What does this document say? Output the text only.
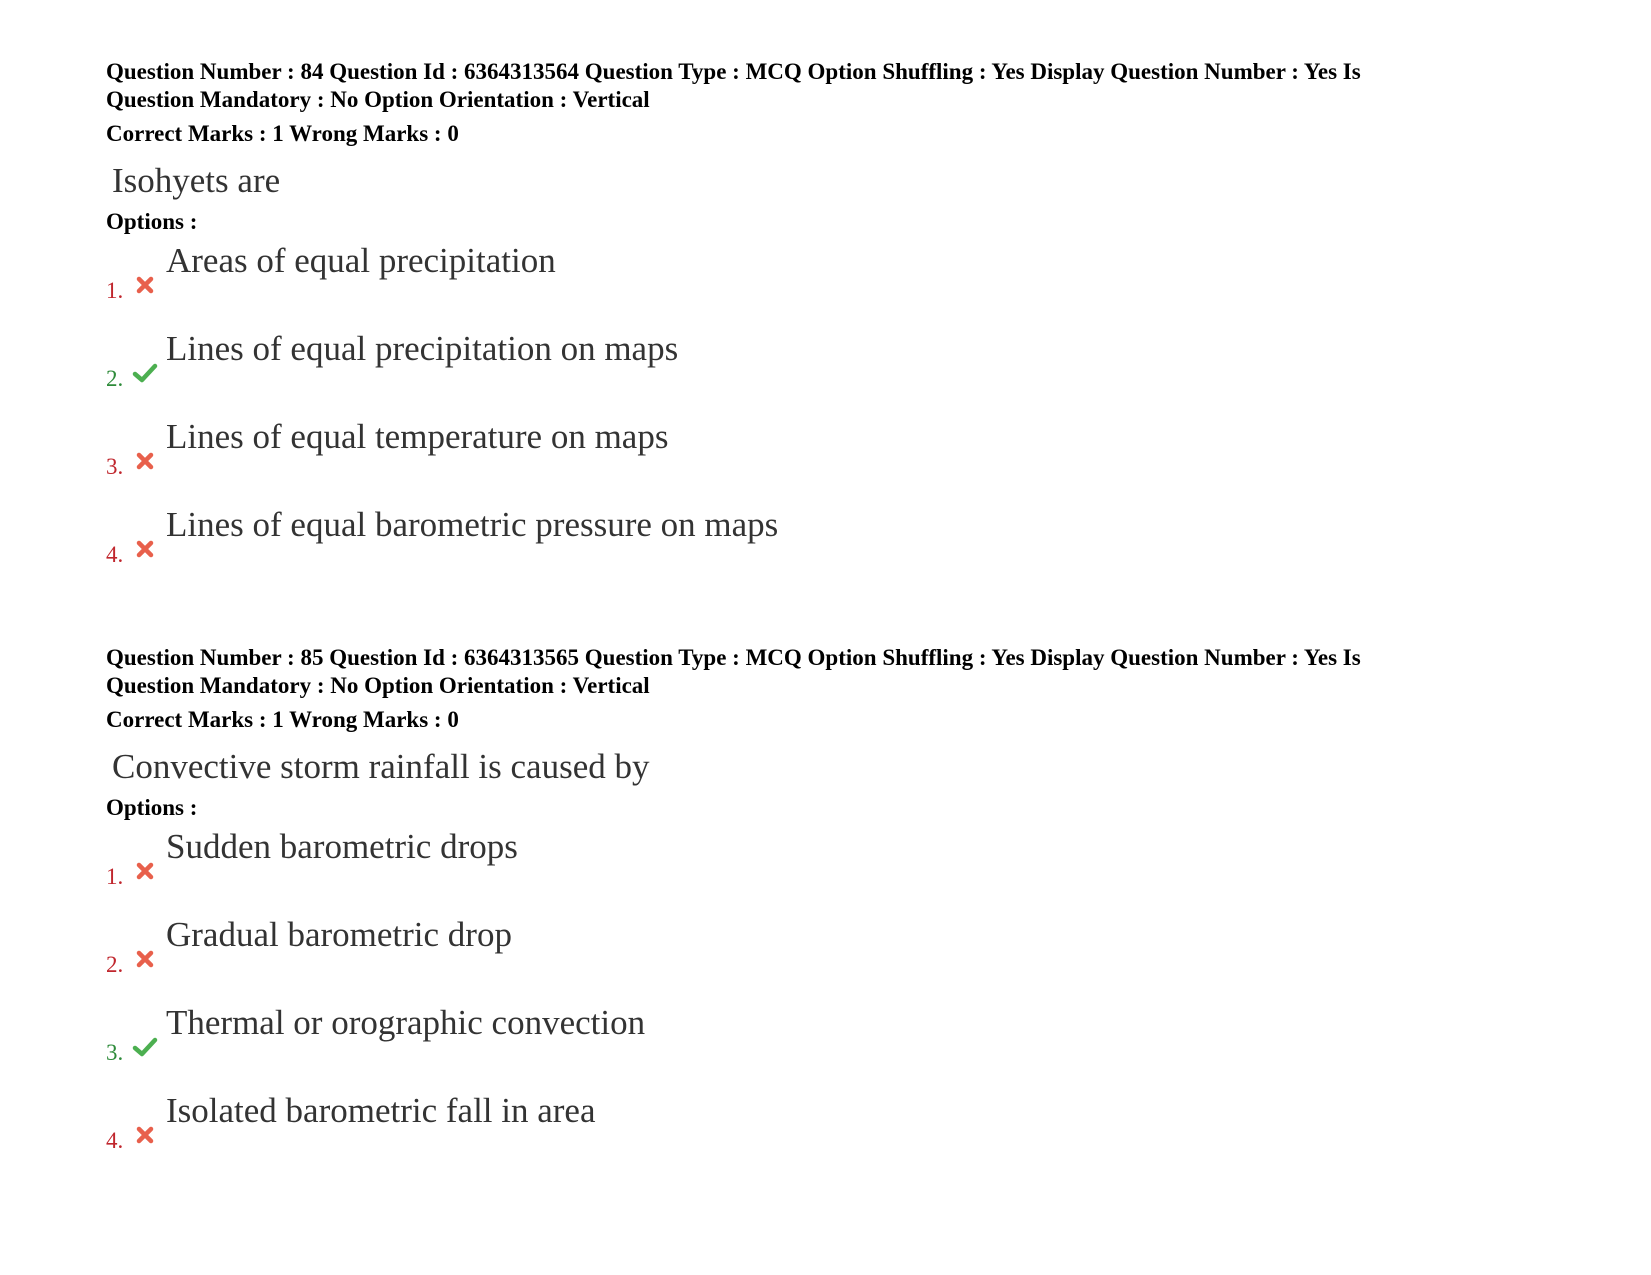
Question Number : 84 Question Id : 6364313564 Question Type : MCQ Option Shuffling : Yes Display Question Number : Yes Is
Question Mandatory : No Option Orientation : Vertical
Correct Marks : 1 Wrong Marks : 0
Isohyets are
Options :
1.
Areas of equal precipitation
2.
Lines of equal precipitation on maps
3.
Lines of equal temperature on maps
4.
Lines of equal barometric pressure on maps
Question Number : 85 Question Id : 6364313565 Question Type : MCQ Option Shuffling : Yes Display Question Number : Yes Is
Question Mandatory : No Option Orientation : Vertical
Correct Marks : 1 Wrong Marks : 0
Convective storm rainfall is caused by
Options :
1.
Sudden barometric drops
2.
Gradual barometric drop
3.
Thermal or orographic convection
4.
Isolated barometric fall in area
